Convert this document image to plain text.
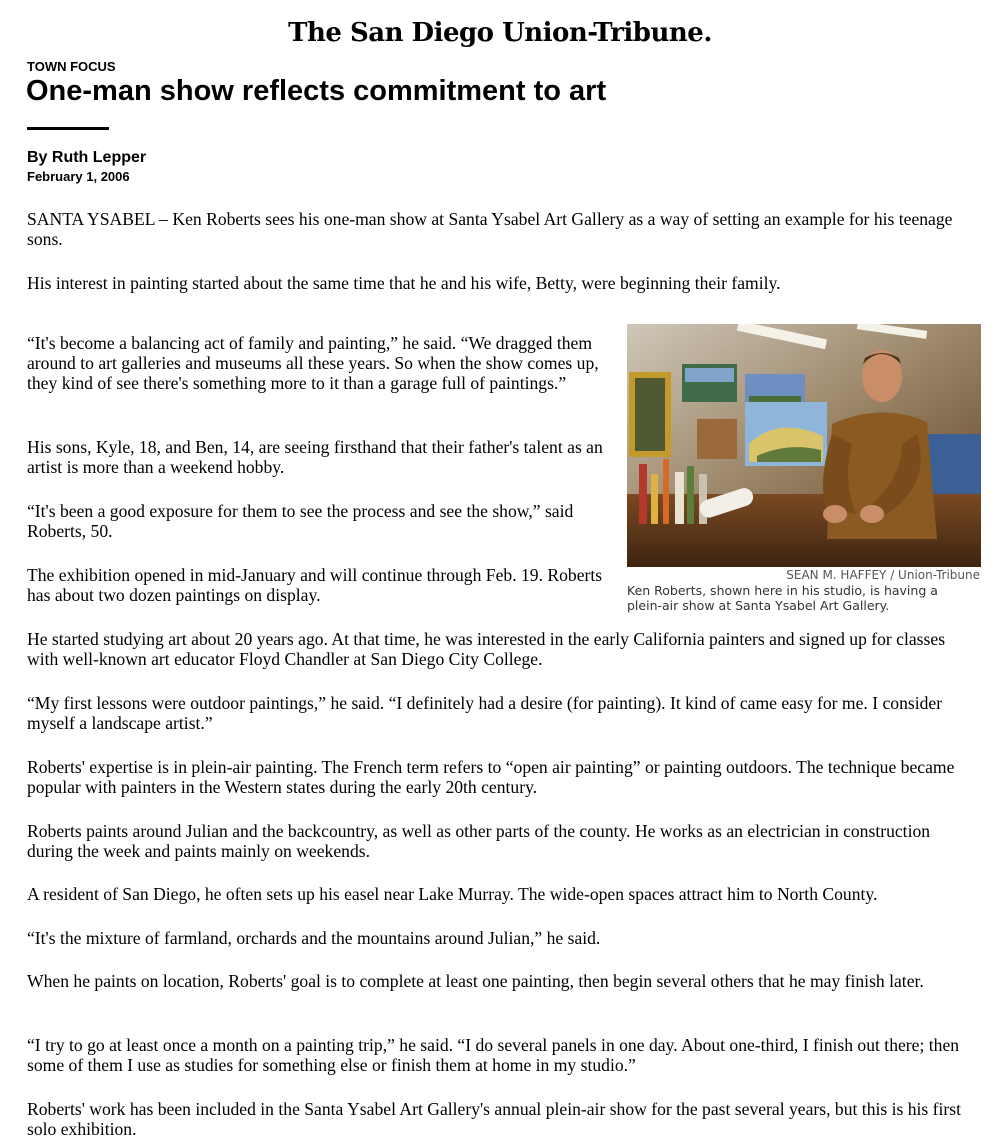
The San Diego Union-Tribune.
TOWN FOCUS
One-man show reflects commitment to art
By Ruth Lepper
February 1, 2006

SANTA YSABEL – Ken Roberts sees his one-man show at Santa Ysabel Art Gallery as a way of setting an example for his teenage sons.

His interest in painting started about the same time that he and his wife, Betty, were beginning their family.

“It's become a balancing act of family and painting,” he said. “We dragged them around to art galleries and museums all these years. So when the show comes up, they kind of see there's something more to it than a garage full of paintings.”

His sons, Kyle, 18, and Ben, 14, are seeing firsthand that their father's talent as an artist is more than a weekend hobby.

“It's been a good exposure for them to see the process and see the show,” said Roberts, 50.

The exhibition opened in mid-January and will continue through Feb. 19. Roberts has about two dozen paintings on display.

He started studying art about 20 years ago. At that time, he was interested in the early California painters and signed up for classes with well-known art educator Floyd Chandler at San Diego City College.

“My first lessons were outdoor paintings,” he said. “I definitely had a desire (for painting). It kind of came easy for me. I consider myself a landscape artist.”

Roberts' expertise is in plein-air painting. The French term refers to “open air painting” or painting outdoors. The technique became popular with painters in the Western states during the early 20th century.

Roberts paints around Julian and the backcountry, as well as other parts of the county. He works as an electrician in construction during the week and paints mainly on weekends.

A resident of San Diego, he often sets up his easel near Lake Murray. The wide-open spaces attract him to North County.

“It's the mixture of farmland, orchards and the mountains around Julian,” he said.

When he paints on location, Roberts' goal is to complete at least one painting, then begin several others that he may finish later.

“I try to go at least once a month on a painting trip,” he said. “I do several panels in one day. About one-third, I finish out there; then some of them I use as studies for something else or finish them at home in my studio.”

Roberts' work has been included in the Santa Ysabel Art Gallery's annual plein-air show for the past several years, but this is his first solo exhibition.

SEAN M. HAFFEY / Union-Tribune

Ken Roberts, shown here in his studio, is having a plein-air show at Santa Ysabel Art Gallery.
